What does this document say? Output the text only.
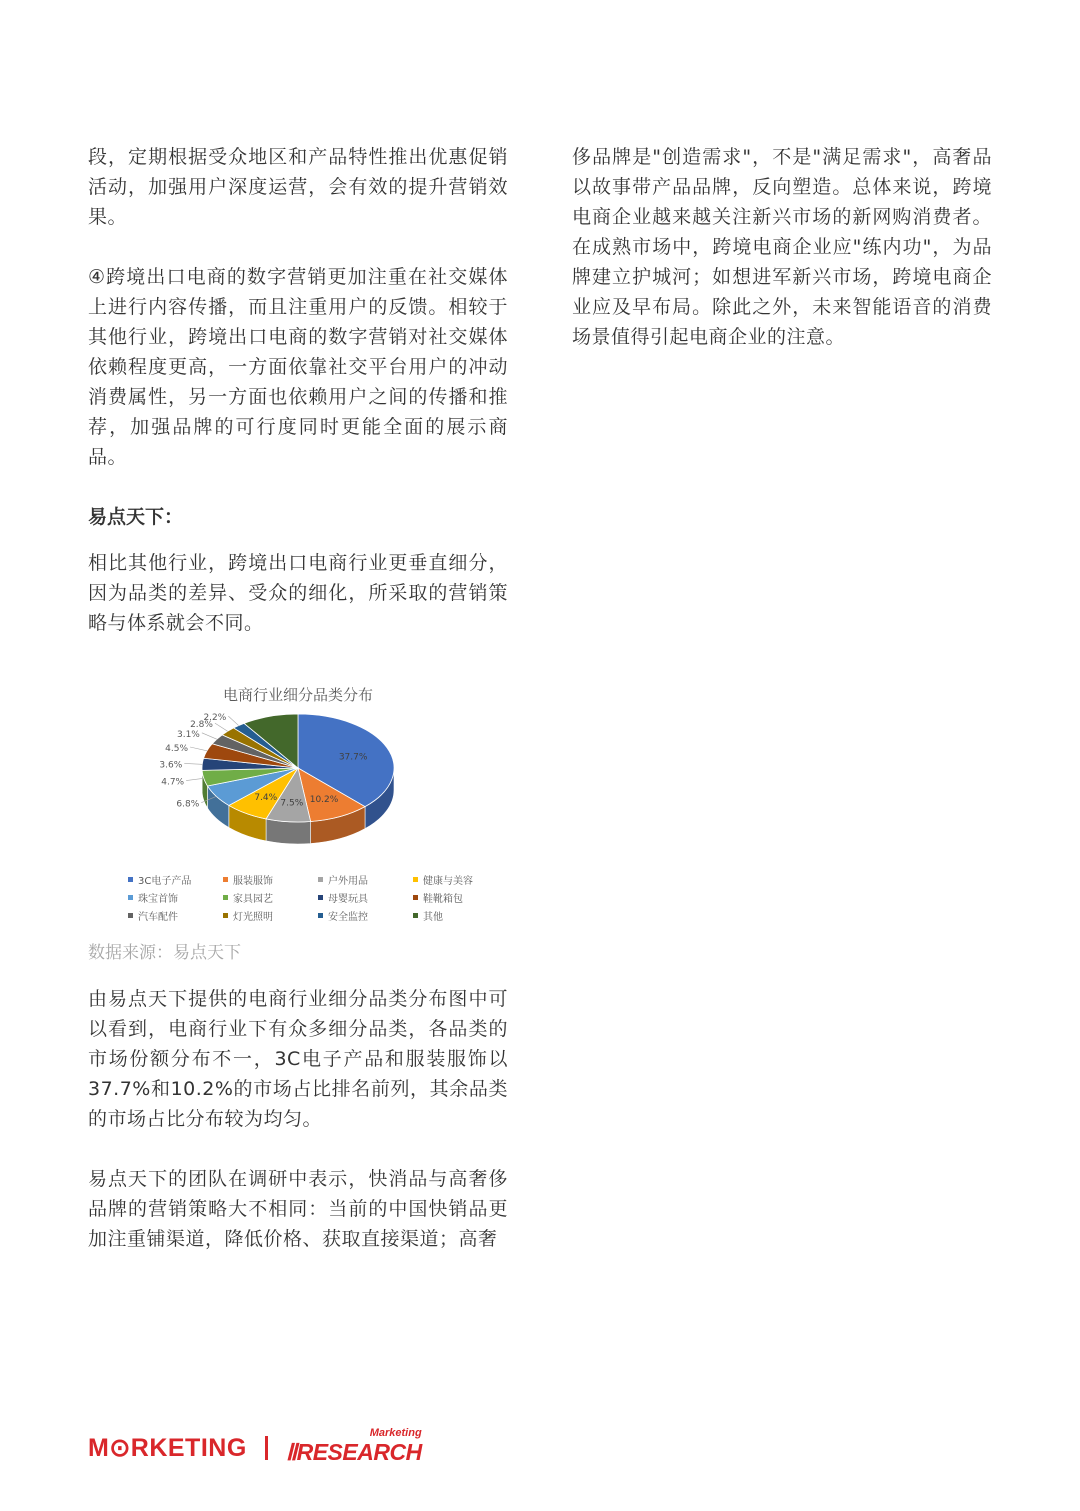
段，定期根据受众地区和产品特性推出优惠促销活动，加强用户深度运营，会有效的提升营销效果。

④跨境出口电商的数字营销更加注重在社交媒体上进行内容传播，而且注重用户的反馈。相较于其他行业，跨境出口电商的数字营销对社交媒体依赖程度更高，一方面依靠社交平台用户的冲动消费属性，另一方面也依赖用户之间的传播和推荐，加强品牌的可行度同时更能全面的展示商品。

易点天下：

相比其他行业，跨境出口电商行业更垂直细分，因为品类的差异、受众的细化，所采取的营销策略与体系就会不同。

电商行业细分品类分布
37.7%
10.2%
7.5%
7.4%
6.8%
4.7%
3.6%
4.5%
3.1%
2.8%
2.2%
3C电子产品	服装服饰	户外用品	健康与美容
珠宝首饰	家具园艺	母婴玩具	鞋靴箱包
汽车配件	灯光照明	安全监控	其他
数据来源：易点天下

由易点天下提供的电商行业细分品类分布图中可以看到，电商行业下有众多细分品类，各品类的市场份额分布不一，3C电子产品和服装服饰以37.7%和10.2%的市场占比排名前列，其余品类的市场占比分布较为均匀。

易点天下的团队在调研中表示，快消品与高奢侈品牌的营销策略大不相同：当前的中国快销品更加注重铺渠道，降低价格、获取直接渠道；高奢

侈品牌是"创造需求"，不是"满足需求"，高奢品以故事带产品品牌，反向塑造。总体来说，跨境电商企业越来越关注新兴市场的新网购消费者。在成熟市场中，跨境电商企业应"练内功"，为品牌建立护城河；如想进军新兴市场，跨境电商企业应及早布局。除此之外，未来智能语音的消费场景值得引起电商企业的注意。

M⊙RKETING
Marketing
ⅡRESEARCH
